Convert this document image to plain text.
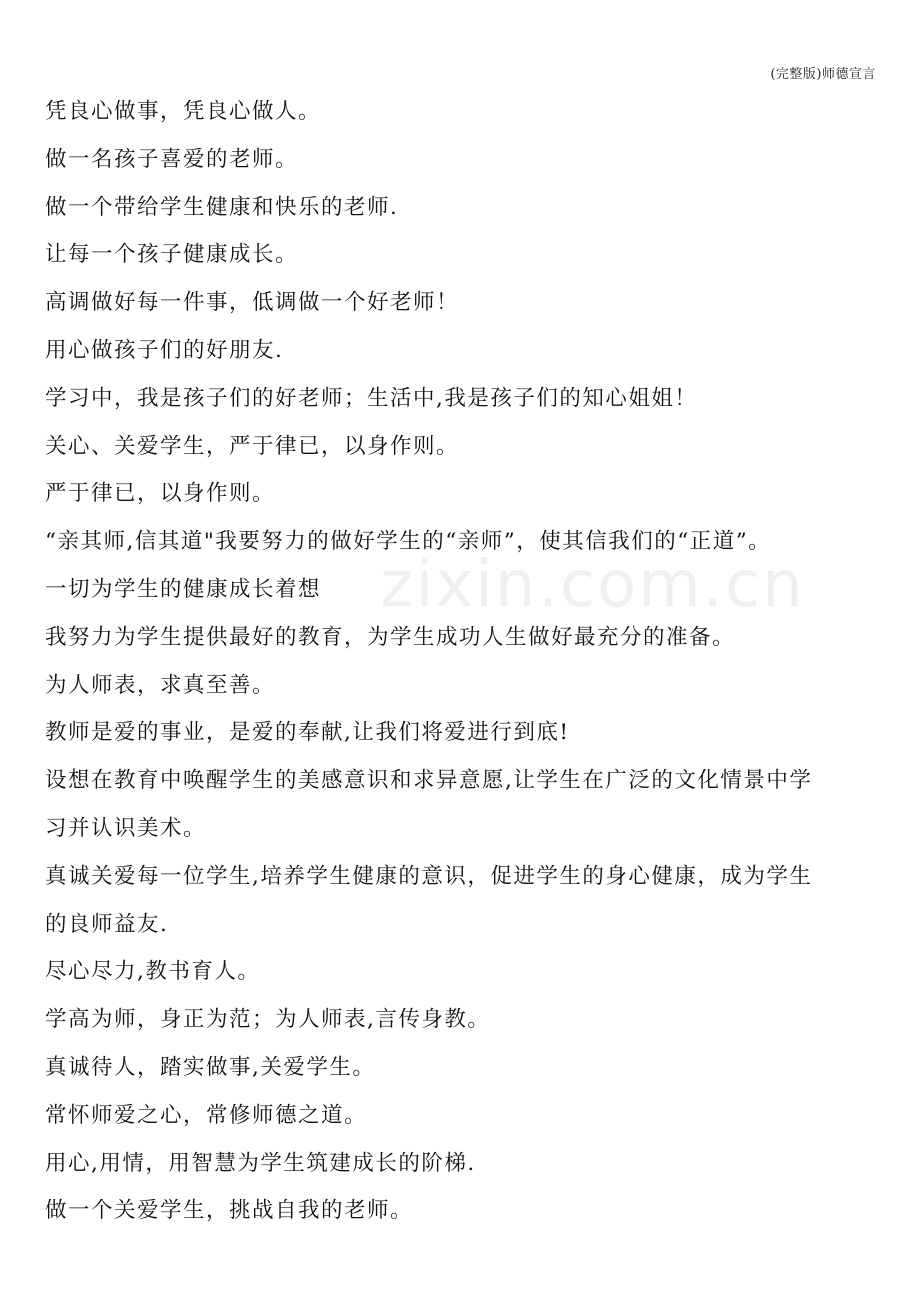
(完整版)师德宣言
zixin.com.cn
凭良心做事，凭良心做人。
做一名孩子喜爱的老师。
做一个带给学生健康和快乐的老师.
让每一个孩子健康成长。
高调做好每一件事，低调做一个好老师！
用心做孩子们的好朋友.
学习中，我是孩子们的好老师；生活中,我是孩子们的知心姐姐！
关心、关爱学生，严于律已，以身作则。
严于律已，以身作则。
“亲其师,信其道"我要努力的做好学生的“亲师”，使其信我们的“正道”。
一切为学生的健康成长着想
我努力为学生提供最好的教育，为学生成功人生做好最充分的准备。
为人师表，求真至善。
教师是爱的事业，是爱的奉献,让我们将爱进行到底!
设想在教育中唤醒学生的美感意识和求异意愿,让学生在广泛的文化情景中学
习并认识美术。
真诚关爱每一位学生,培养学生健康的意识，促进学生的身心健康，成为学生
的良师益友.
尽心尽力,教书育人。
学高为师，身正为范；为人师表,言传身教。
真诚待人，踏实做事,关爱学生。
常怀师爱之心，常修师德之道。
用心,用情，用智慧为学生筑建成长的阶梯.
做一个关爱学生，挑战自我的老师。
